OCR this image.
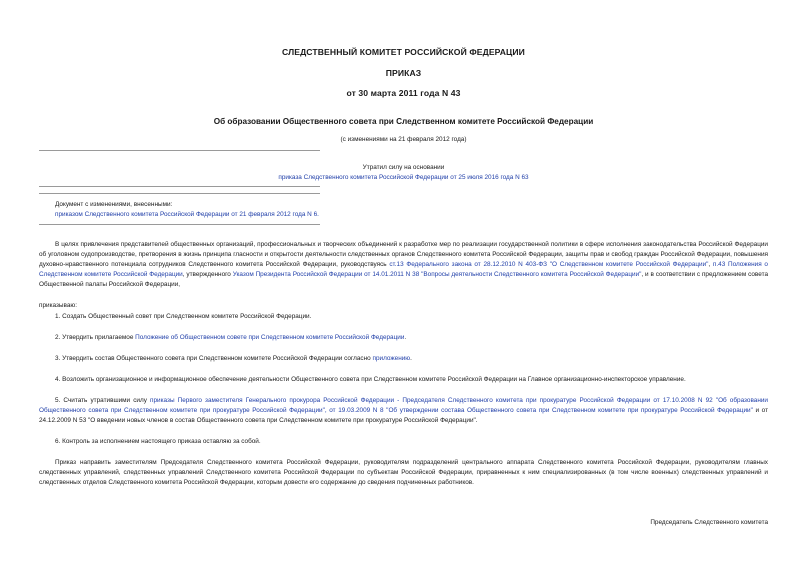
СЛЕДСТВЕННЫЙ КОМИТЕТ РОССИЙСКОЙ ФЕДЕРАЦИИ
ПРИКАЗ
от 30 марта 2011 года N 43
Об образовании Общественного совета при Следственном комитете Российской Федерации
(с изменениями на 21 февраля 2012 года)
Утратил силу на основании
приказа Следственного комитета Российской Федерации от 25 июля 2016 года N 63
Документ с изменениями, внесенными:
приказом Следственного комитета Российской Федерации от 21 февраля 2012 года N 6.
В целях привлечения представителей общественных организаций, профессиональных и творческих объединений к разработке мер по реализации государственной политики в сфере исполнения законодательства Российской Федерации об уголовном судопроизводстве, претворения в жизнь принципа гласности и открытости деятельности следственных органов Следственного комитета Российской Федерации, защиты прав и свобод граждан Российской Федерации, повышения духовно-нравственного потенциала сотрудников Следственного комитета Российской Федерации, руководствуясь ст.13 Федерального закона от 28.12.2010 N 403-ФЗ "О Следственном комитете Российской Федерации", п.43 Положения о Следственном комитете Российской Федерации, утвержденного Указом Президента Российской Федерации от 14.01.2011 N 38 "Вопросы деятельности Следственного комитета Российской Федерации", и в соответствии с предложением совета Общественной палаты Российской Федерации,
приказываю:
1. Создать Общественный совет при Следственном комитете Российской Федерации.
2. Утвердить прилагаемое Положение об Общественном совете при Следственном комитете Российской Федерации.
3. Утвердить состав Общественного совета при Следственном комитете Российской Федерации согласно приложению.
4. Возложить организационное и информационное обеспечение деятельности Общественного совета при Следственном комитете Российской Федерации на Главное организационно-инспекторское управление.
5. Считать утратившими силу приказы Первого заместителя Генерального прокурора Российской Федерации - Председателя Следственного комитета при прокуратуре Российской Федерации от 17.10.2008 N 92 "Об образовании Общественного совета при Следственном комитете при прокуратуре Российской Федерации", от 19.03.2009 N 8 "Об утверждении состава Общественного совета при Следственном комитете при прокуратуре Российской Федерации" и от 24.12.2009 N 53 "О введении новых членов в состав Общественного совета при Следственном комитете при прокуратуре Российской Федерации".
6. Контроль за исполнением настоящего приказа оставляю за собой.
Приказ направить заместителям Председателя Следственного комитета Российской Федерации, руководителям подразделений центрального аппарата Следственного комитета Российской Федерации, руководителям главных следственных управлений, следственных управлений Следственного комитета Российской Федерации по субъектам Российской Федерации, приравненных к ним специализированных (в том числе военных) следственных управлений и следственных отделов Следственного комитета Российской Федерации, которым довести его содержание до сведения подчиненных работников.
Председатель Следственного комитета
